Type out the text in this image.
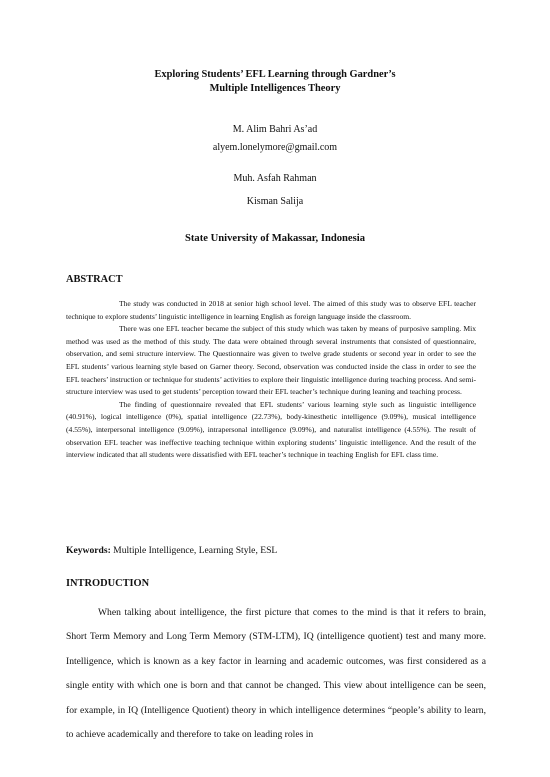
Exploring Students’ EFL Learning through Gardner’s
Multiple Intelligences Theory
M. Alim Bahri As’ad
alyem.lonelymore@gmail.com
Muh. Asfah Rahman
Kisman Salija
State University of Makassar, Indonesia
ABSTRACT

The study was conducted in 2018 at senior high school level. The aimed of this study was to observe EFL teacher technique to explore students’ linguistic intelligence in learning English as foreign language inside the classroom.

There was one EFL teacher became the subject of this study which was taken by means of purposive sampling. Mix method was used as the method of this study. The data were obtained through several instruments that consisted of questionnaire, observation, and semi structure interview. The Questionnaire was given to twelve grade students or second year in order to see the EFL students’ various learning style based on Garner theory. Second, observation was conducted inside the class in order to see the EFL teachers’ instruction or technique for students’ activities to explore their linguistic intelligence during teaching process. And semi-structure interview was used to get students’ perception toward their EFL teacher’s technique during leaning and teaching process.

The finding of questionnaire revealed that EFL students’ various learning style such as linguistic intelligence (40.91%), logical intelligence (0%), spatial intelligence (22.73%), body-kinesthetic intelligence (9.09%), musical intelligence (4.55%), interpersonal intelligence (9.09%), intrapersonal intelligence (9.09%), and naturalist intelligence (4.55%). The result of observation EFL teacher was ineffective teaching technique within exploring students’ linguistic intelligence. And the result of the interview indicated that all students were dissatisfied with EFL teacher’s technique in teaching English for EFL class time.

Keywords: Multiple Intelligence, Learning Style, ESL
INTRODUCTION

When talking about intelligence, the first picture that comes to the mind is that it refers to brain, Short Term Memory and Long Term Memory (STM-LTM), IQ (intelligence quotient) test and many more. Intelligence, which is known as a key factor in learning and academic outcomes, was first considered as a single entity with which one is born and that cannot be changed. This view about intelligence can be seen, for example, in IQ (Intelligence Quotient) theory in which intelligence determines “people’s ability to learn, to achieve academically and therefore to take on leading roles in
